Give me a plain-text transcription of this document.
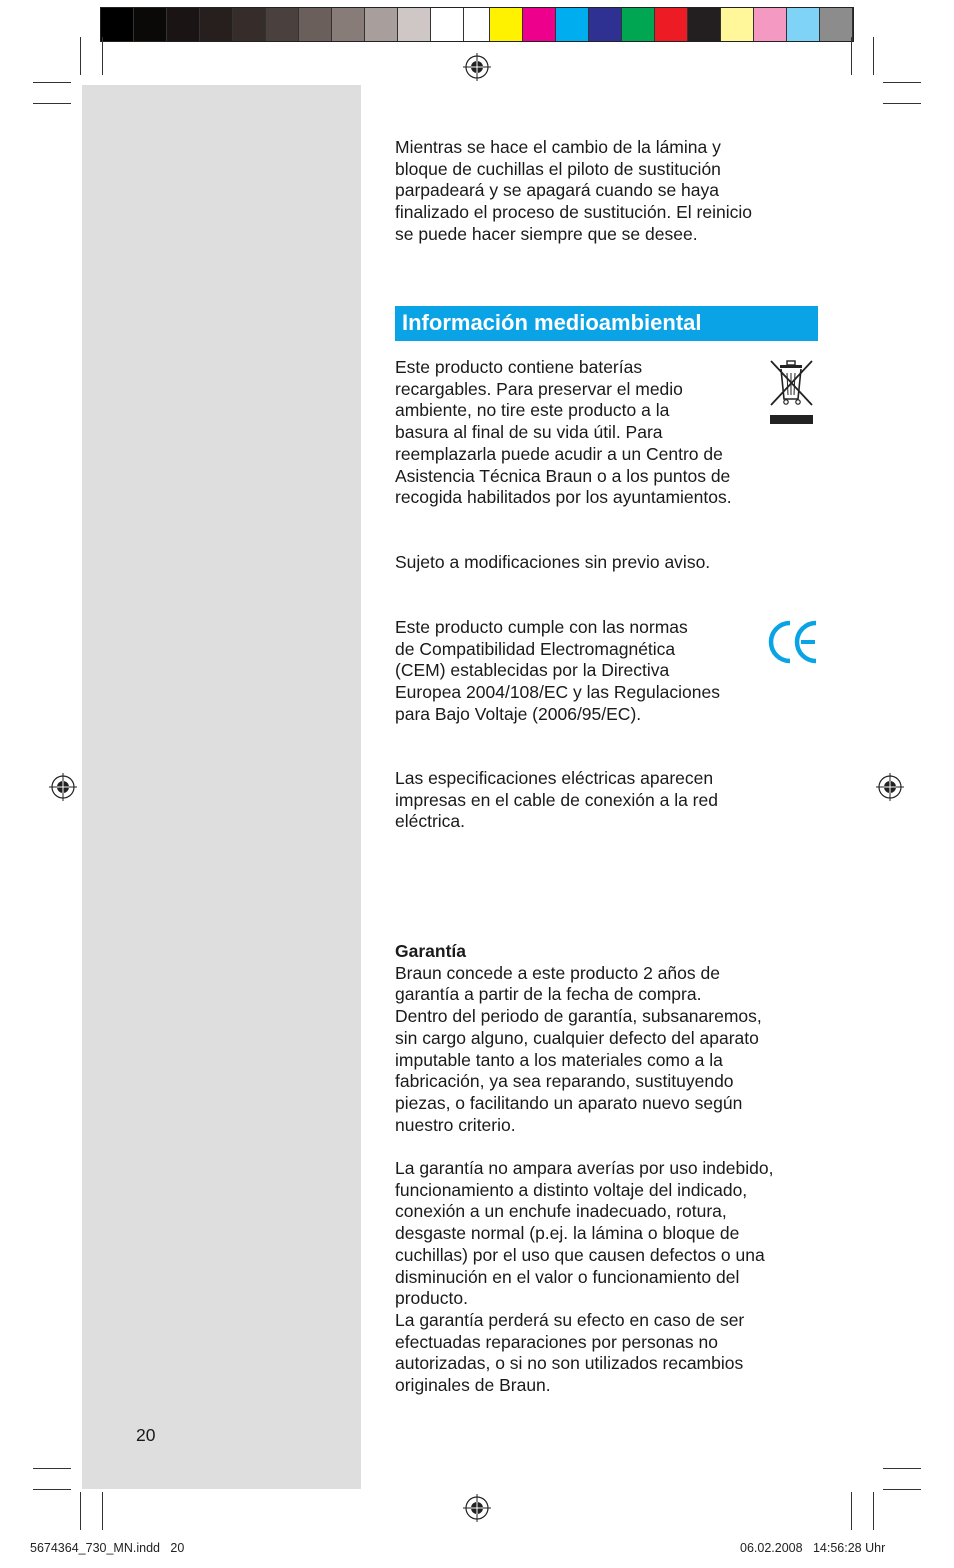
Mientras se hace el cambio de la lámina y
bloque de cuchillas el piloto de sustitución
parpadeará y se apagará cuando se haya
finalizado el proceso de sustitución. El reinicio
se puede hacer siempre que se desee.

Información medioambiental

Este producto contiene baterías
recargables. Para preservar el medio
ambiente, no tire este producto a la
basura al final de su vida útil. Para
reemplazarla puede acudir a un Centro de
Asistencia Técnica Braun o a los puntos de
recogida habilitados por los ayuntamientos.

Sujeto a modificaciones sin previo aviso.

Este producto cumple con las normas
de Compatibilidad Electromagnética
(CEM) establecidas por la Directiva
Europea 2004/108/EC y las Regulaciones
para Bajo Voltaje (2006/95/EC).

Las especificaciones eléctricas aparecen
impresas en el cable de conexión a la red
eléctrica.

Garantía

Braun concede a este producto 2 años de
garantía a partir de la fecha de compra.
Dentro del periodo de garantía, subsanaremos,
sin cargo alguno, cualquier defecto del aparato
imputable tanto a los materiales como a la
fabricación, ya sea reparando, sustituyendo
piezas, o facilitando un aparato nuevo según
nuestro criterio.

La garantía no ampara averías por uso indebido,
funcionamiento a distinto voltaje del indicado,
conexión a un enchufe inadecuado, rotura,
desgaste normal (p.ej. la lámina o bloque de
cuchillas) por el uso que causen defectos o una
disminución en el valor o funcionamiento del
producto.
La garantía perderá su efecto en caso de ser
efectuadas reparaciones por personas no
autorizadas, o si no son utilizados recambios
originales de Braun.

20
5674364_730_MN.indd   20	06.02.2008   14:56:28 Uhr
